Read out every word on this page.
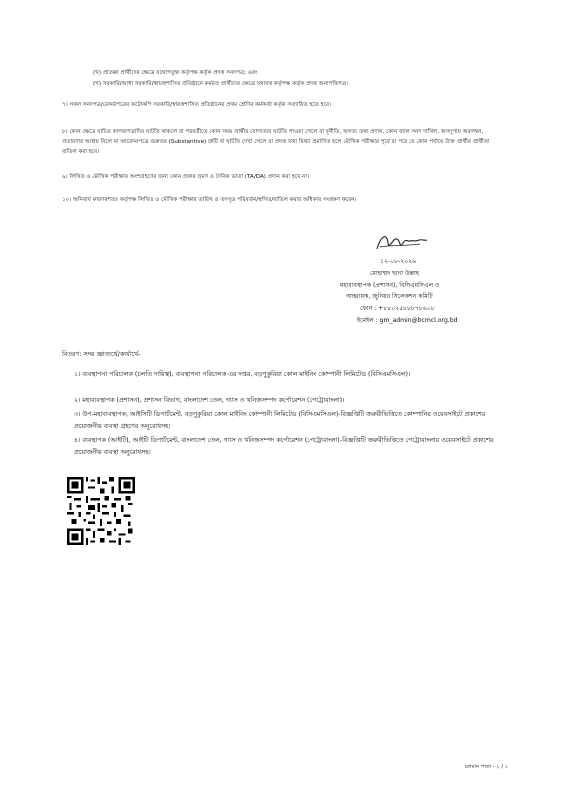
(খ) প্রাতক্কা প্রার্থীদের ক্ষেত্রে যথোপযুক্ত কর্তৃপক্ষ কর্তৃক প্রদত্ত সনদপত্র; এবং

(গ) সরকারি/আধা সরকারি/স্বায়ত্তশাসিত প্রতিষ্ঠানে কর্মরত প্রার্থীদের ক্ষেত্রে যথাযথ কর্তৃপক্ষ কর্তৃক প্রদত্ত অনাপত্তিপত্র।

৭। সকল সনদপত্র/রেকর্ডপত্রের ফটোকপি সরকারি/স্বায়ত্তশাসিত প্রতিষ্ঠানের প্রথম শ্রেণির কর্মকর্তা কর্তৃক সত্যায়িত হতে হবে।

৮। কোন ক্ষেত্রে যাচিত কাগজপত্রাদির ঘাটতি থাকলে বা পরবর্তীতে কোন সময় প্রার্থীর যোগ্যতার ঘাটতি পাওয়া গেলে বা দুর্নীতি, অসত্য তথ্য প্রদান, কোন জাল সনদ দাখিল, অসদুপায় অবলম্বন, প্রতারণার আশ্রয় নিলে বা আবেদনপত্রে গুরুতর (Substantive) ত্রুটি বা ঘাটতি দেখা গেলে বা প্রদত্ত তথ্য মিথ্যা প্রমাণিত হলে মৌখিক পরীক্ষার পূর্বে বা পরে যে কোন পর্যায়ে উক্ত প্রার্থীর প্রার্থীতা বাতিল করা হবে।

৯। লিখিত ও মৌখিক পরীক্ষায় অংশগ্রহণের জন্য কোন প্রকার ভ্রমণ ও দৈনিক ভাতা (TA/DA) প্রদান করা হবে না।

১০। অনিবার্য কারণবশতঃ কর্তৃপক্ষ লিখিত ও মৌখিক পরীক্ষার তারিখ ও তৎসূত্র পরিবর্তন/স্থগিত/বাতিল করার অধিকার সংরক্ষণ করেন।

১২-০৮-২০২৬
মোহাম্মদ ছানা উল্লাহ
মহাব্যবস্থাপক (প্রশাসন), বিসিএমসিএল ও
আহ্বায়ক, জুনিয়র সিলেকশন কমিটি
ফোন : +৮৮০২৫৮৮৮৭৮৬০৮
ইমেইল : gm_admin@bcmcl.org.bd

বিতরণ: সদয় জ্ঞাতার্থে/কার্যার্থে-

১। ব্যবস্থাপনা পরিচালক (চলতি দায়িত্ব), ব্যবস্থাপনা পরিচালক এর দপ্তর, বড়পুকুরিয়া কোল মাইনিং কোম্পানী লিমিটেড (বিসিএমসিএল)।

২। মহাব্যবস্থাপক (প্রশাসন), প্রশাসন বিভাগ, বাংলাদেশ তেল, গ্যাস ও খনিজসম্পদ কর্পোরেশন (পেট্রোবাংলা)।

৩। উপ-মহাব্যবস্থাপক, আইসিটি ডিপার্টমেন্ট, বড়পুকুরিয়া কোল মাইনিং কোম্পানী লিমিটেড (বিসিএমসিএল)-বিজ্ঞপ্তিটি জরুরীভিত্তিতে কোম্পানির ওয়েবসাইটে প্রকাশের প্রয়োজনীয় ব্যবস্থা গ্রহণের অনুরোধসহ।

৪। ব্যবস্থাপক (আইটি), আইটি ডিপার্টমেন্ট, বাংলাদেশ তেল, গ্যাস ও খনিজসম্পদ কর্পোরেশন (পেট্রোবাংলা)-বিজ্ঞপ্তিটি জরুরীভিত্তিতে পেট্রোবাংলার ওয়েবসাইটে প্রকাশের প্রয়োজনীয় ব্যবস্থা অনুরোধসহ।

চলমান পাতা - ২ / ২
